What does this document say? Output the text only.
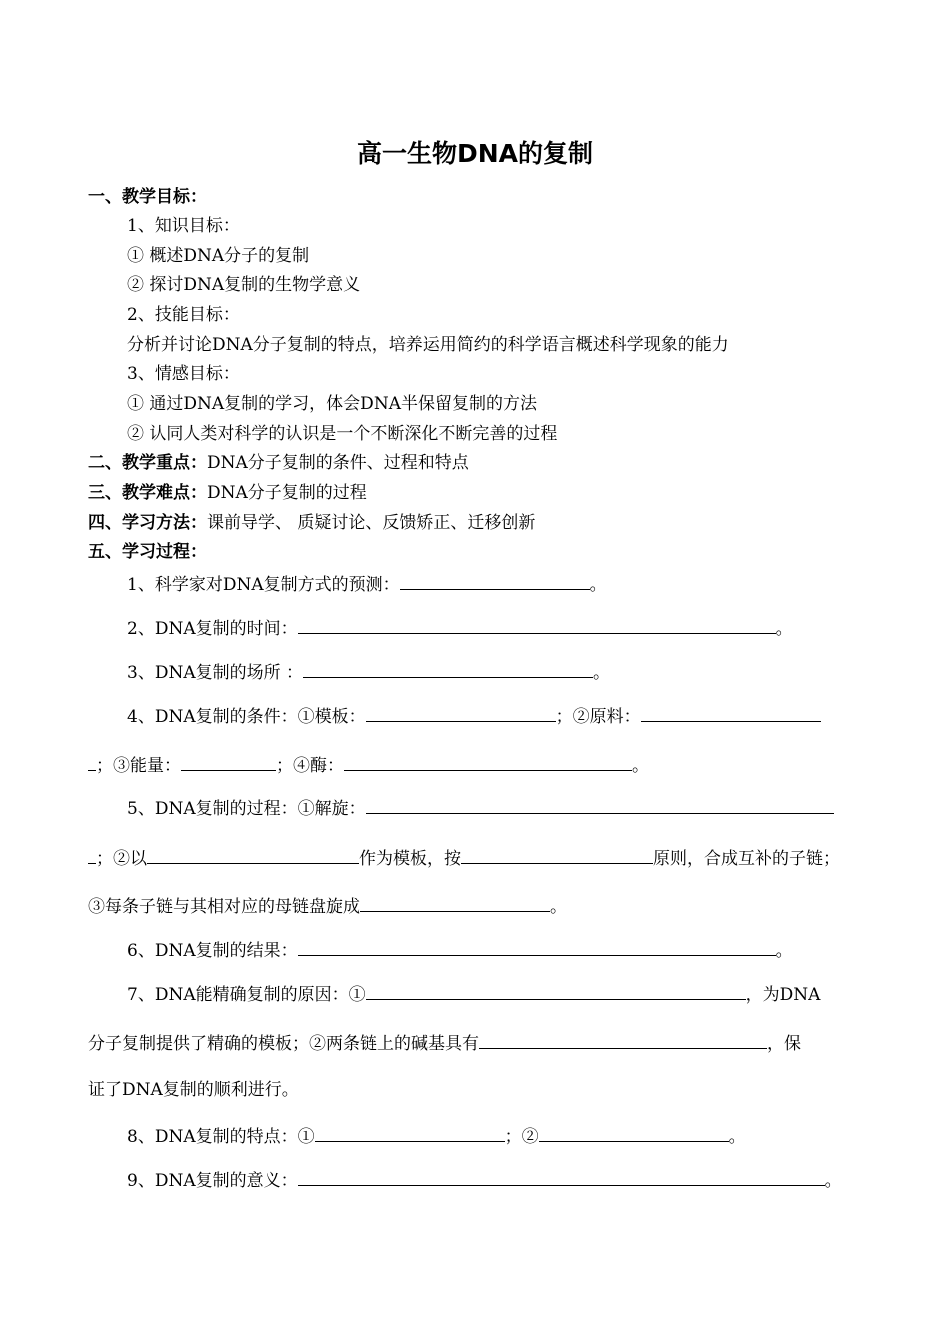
高一生物DNA的复制
一、教学目标：
1、知识目标：
① 概述DNA分子的复制
② 探讨DNA复制的生物学意义
2、技能目标：
分析并讨论DNA分子复制的特点，培养运用简约的科学语言概述科学现象的能力
3、情感目标：
① 通过DNA复制的学习，体会DNA半保留复制的方法
② 认同人类对科学的认识是一个不断深化不断完善的过程
二、教学重点：DNA分子复制的条件、过程和特点
三、教学难点：DNA分子复制的过程
四、学习方法：课前导学、 质疑讨论、反馈矫正、迁移创新
五、学习过程：
1、科学家对DNA复制方式的预测：	。
2、DNA复制的时间：	。
3、DNA复制的场所 ：	。
4、DNA复制的条件：①模板：	；②原料：
；③能量：	；④酶：	。
5、DNA复制的过程：①解旋：
；②以	作为模板，按	原则，合成互补的子链；
③每条子链与其相对应的母链盘旋成	。
6、DNA复制的结果：	。
7、DNA能精确复制的原因：①	，为DNA
分子复制提供了精确的模板；②两条链上的碱基具有	，保
证了DNA复制的顺利进行。
8、DNA复制的特点：①	；②	。
9、DNA复制的意义：	。
